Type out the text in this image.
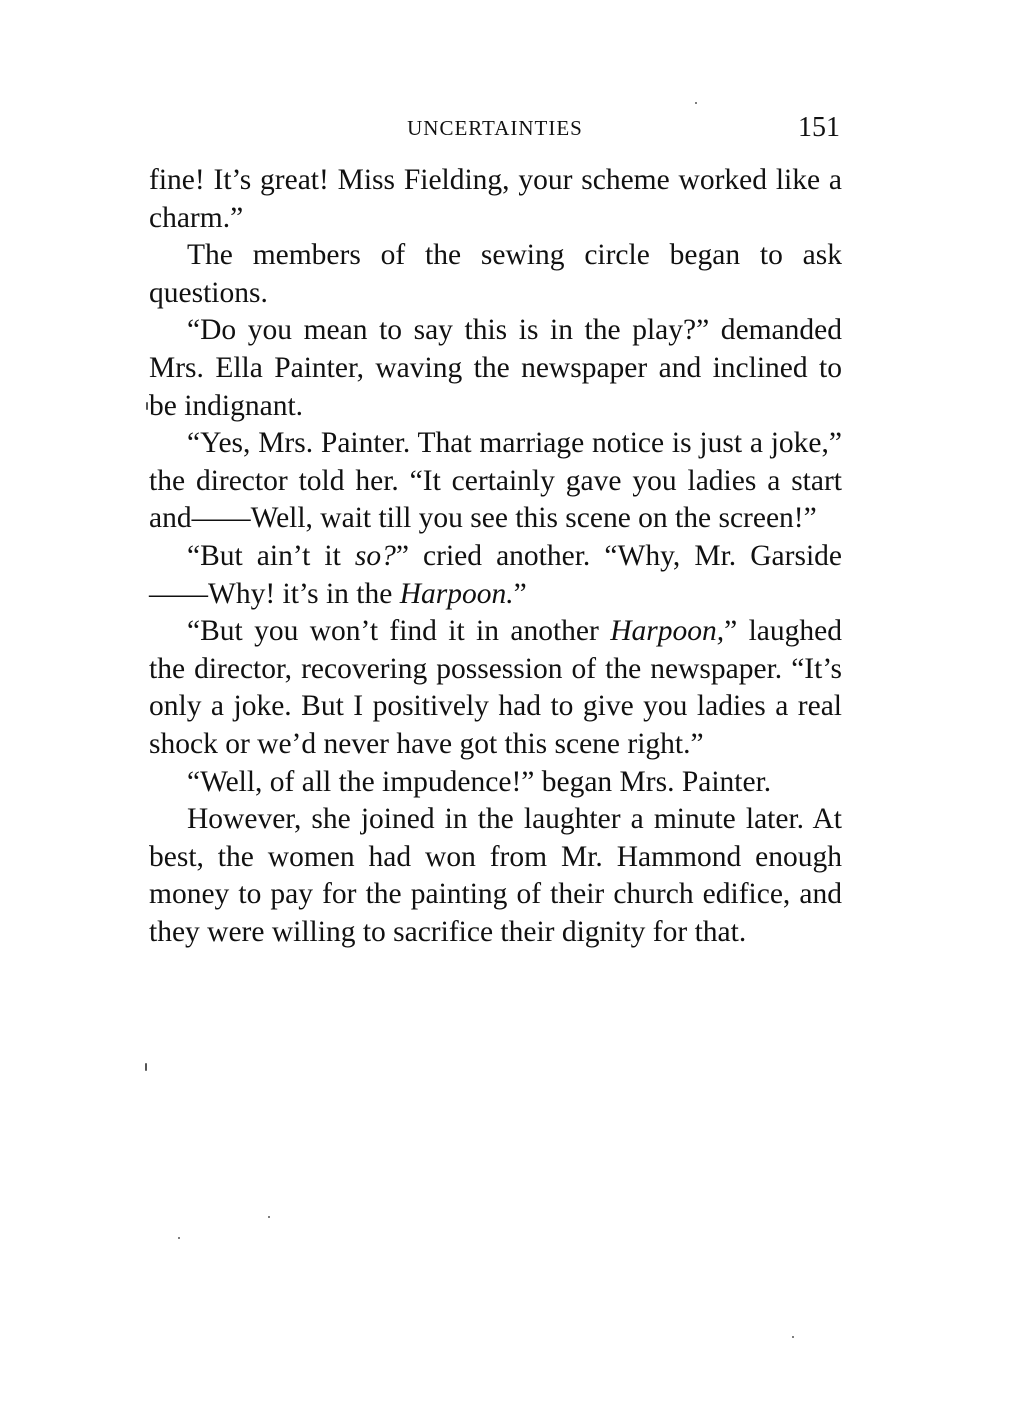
UNCERTAINTIES	151

fine! It’s great! Miss Fielding, your scheme worked like a charm.”

The members of the sewing circle began to ask questions.

“Do you mean to say this is in the play?” demanded Mrs. Ella Painter, waving the newspaper and inclined to be indignant.

“Yes, Mrs. Painter. That marriage notice is just a joke,” the director told her. “It certainly gave you ladies a start and——Well, wait till you see this scene on the screen!”

“But ain’t it so?” cried another. “Why, Mr. Garside——Why! it’s in the Harpoon.”

“But you won’t find it in another Harpoon,” laughed the director, recovering possession of the newspaper. “It’s only a joke. But I positively had to give you ladies a real shock or we’d never have got this scene right.”

“Well, of all the impudence!” began Mrs. Painter.

However, she joined in the laughter a minute later. At best, the women had won from Mr. Hammond enough money to pay for the painting of their church edifice, and they were willing to sacrifice their dignity for that.
